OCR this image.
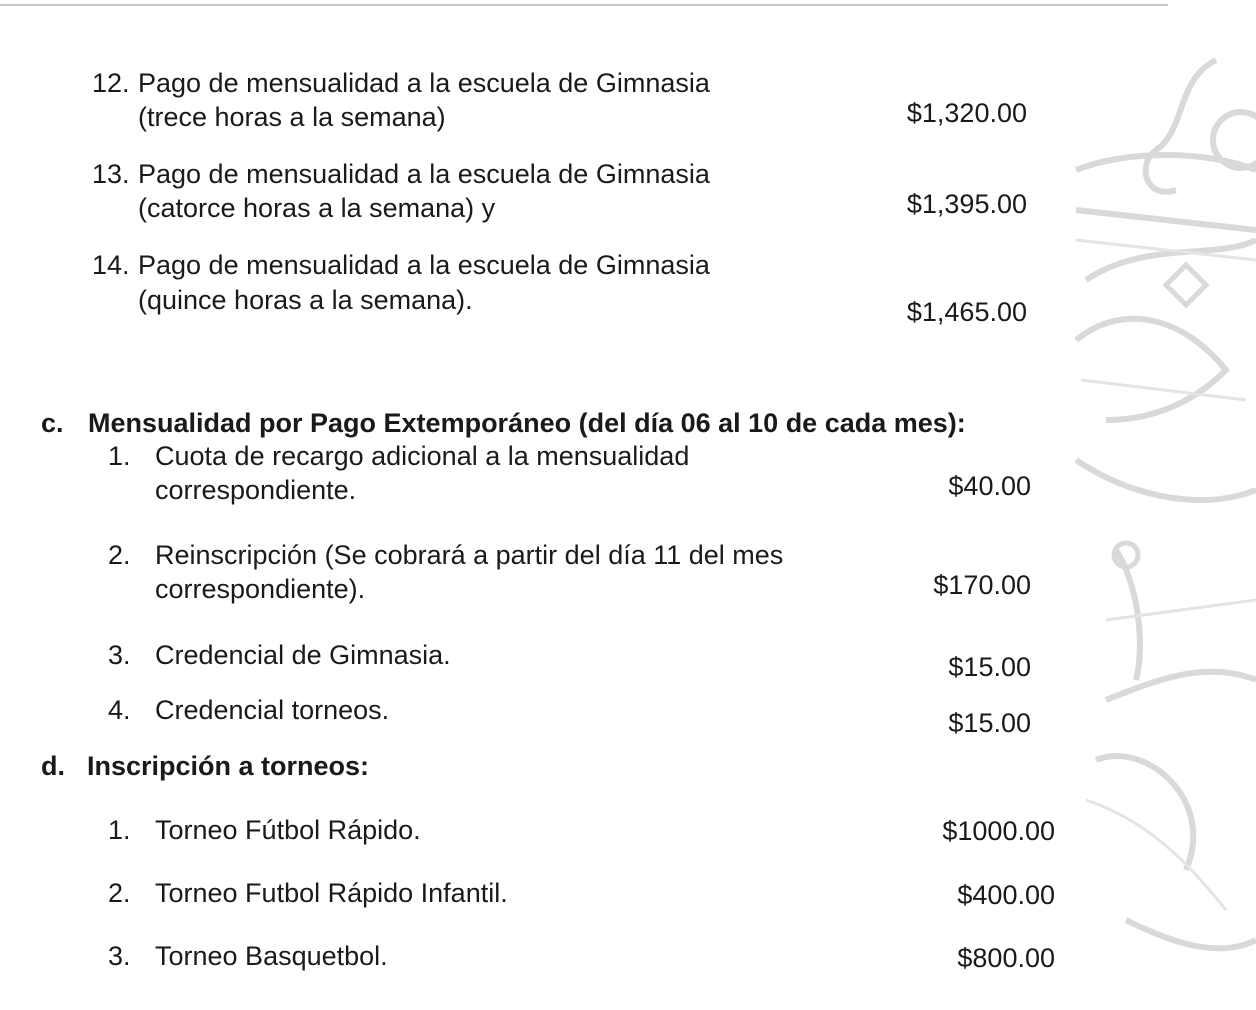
12. Pago de mensualidad a la escuela de Gimnasia
(trece horas a la semana)	$1,320.00
13. Pago de mensualidad a la escuela de Gimnasia
(catorce horas a la semana) y	$1,395.00
14. Pago de mensualidad a la escuela de Gimnasia
(quince horas a la semana).	$1,465.00
c. Mensualidad por Pago Extemporáneo (del día 06 al 10 de cada mes):
1. Cuota de recargo adicional a la mensualidad
correspondiente.	$40.00
2. Reinscripción (Se cobrará a partir del día 11 del mes
correspondiente).	$170.00
3. Credencial de Gimnasia.	$15.00
4. Credencial torneos.	$15.00
d. Inscripción a torneos:
1. Torneo Fútbol Rápido.	$1000.00
2. Torneo Futbol Rápido Infantil.	$400.00
3. Torneo Basquetbol.	$800.00
